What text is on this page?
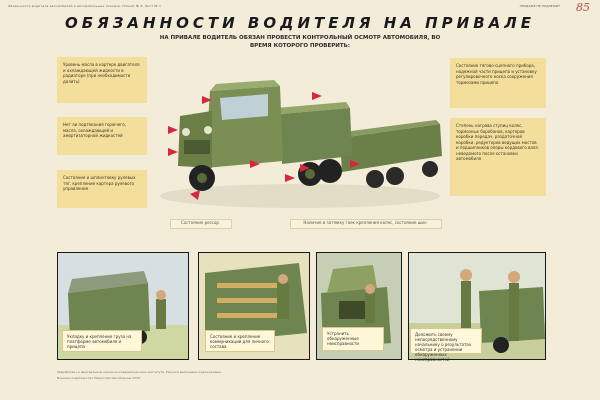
Обязанности водителя автомобилей и автомобильных поездов. Плакат № 8. Лист № 1	ПРОДАЖЕ НЕ ПОДЛЕЖИТ 85
ОБЯЗАННОСТИ ВОДИТЕЛЯ НА ПРИВАЛЕ
НА ПРИВАЛЕ ВОДИТЕЛЬ ОБЯЗАН ПРОВЕСТИ КОНТРОЛЬНЫЙ ОСМОТР АВТОМОБИЛЯ, ВО ВРЕМЯ КОТОРОГО ПРОВЕРИТЬ:
Уровень масла в картере двигателя и охлаждающей жидкости в радиаторе (при необходимости долить)
Нет ли подтекания горючего, масла, охлаждающей и амортизаторной жидкостей
Состояние и шплинтовку рулевых тяг, крепление картера рулевого управления
Состояние тягово-сцепного прибора, надежной части прицепа и установку регулировочного носка сооружения тормозами прицепа
Степень нагрева ступиц колес, тормозных барабанов, картеров коробки передач, раздаточной коробки, редукторов ведущих мостов и подшипников опоры кордового вала неведомого после остановки автомобиля
Состояние рессор	Наличие и затяжку гаек крепления колес, состояние шин
Укладку и крепление груза на платформе автомобиля и прицепа
Состояние и крепление коммуникаций для личного состава
Устранить обнаруженные неисправности
Доложить своему непосредственному начальнику о результатах осмотра и устранении обнаруженных неисправностей
Разработано в Центральном научно-исследовательском институте. Рисунки выполнены художниками.
Военное издательство Министерства обороны СССР
